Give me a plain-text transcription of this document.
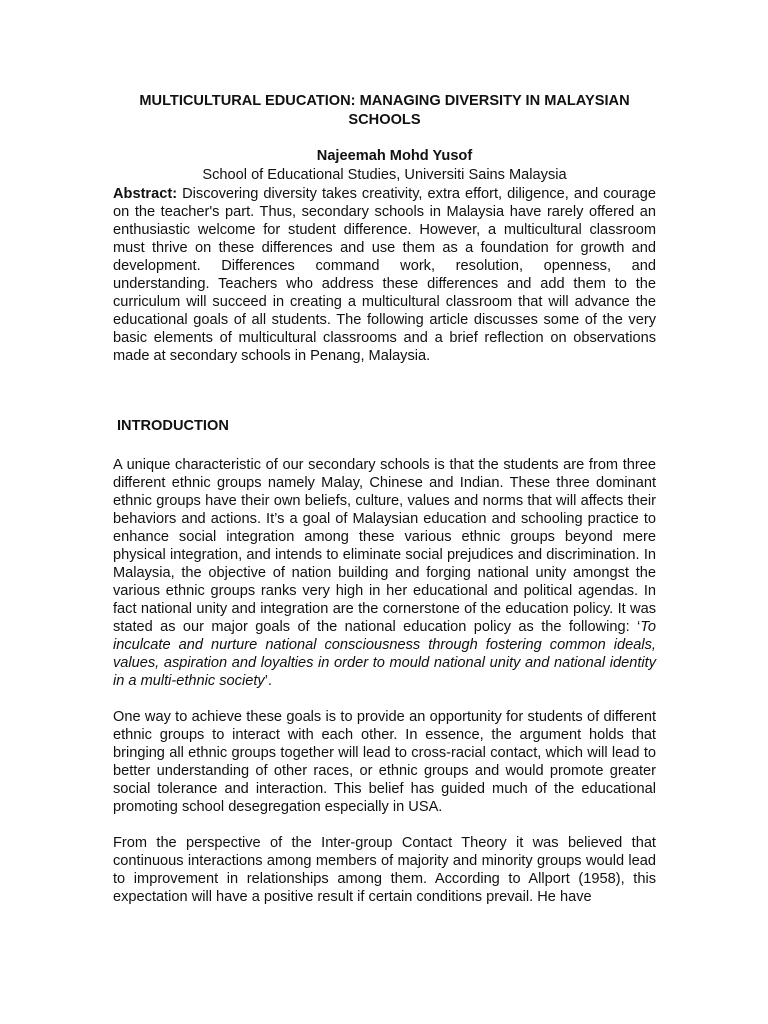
MULTICULTURAL EDUCATION: MANAGING DIVERSITY IN MALAYSIAN SCHOOLS
Najeemah Mohd Yusof
School of Educational Studies, Universiti Sains Malaysia

Abstract: Discovering diversity takes creativity, extra effort, diligence, and courage on the teacher's part. Thus, secondary schools in Malaysia have rarely offered an enthusiastic welcome for student difference. However, a multicultural classroom must thrive on these differences and use them as a foundation for growth and development. Differences command work, resolution, openness, and understanding. Teachers who address these differences and add them to the curriculum will succeed in creating a multicultural classroom that will advance the educational goals of all students. The following article discusses some of the very basic elements of multicultural classrooms and a brief reflection on observations made at secondary schools in Penang, Malaysia.

INTRODUCTION

A unique characteristic of our secondary schools is that the students are from three different ethnic groups namely Malay, Chinese and Indian. These three dominant ethnic groups have their own beliefs, culture, values and norms that will affects their behaviors and actions. It’s a goal of Malaysian education and schooling practice to enhance social integration among these various ethnic groups beyond mere physical integration, and intends to eliminate social prejudices and discrimination. In Malaysia, the objective of nation building and forging national unity amongst the various ethnic groups ranks very high in her educational and political agendas. In fact national unity and integration are the cornerstone of the education policy. It was stated as our major goals of the national education policy as the following: ‘To inculcate and nurture national consciousness through fostering common ideals, values, aspiration and loyalties in order to mould national unity and national identity in a multi-ethnic society’.

One way to achieve these goals is to provide an opportunity for students of different ethnic groups to interact with each other. In essence, the argument holds that bringing all ethnic groups together will lead to cross-racial contact, which will lead to better understanding of other races, or ethnic groups and would promote greater social tolerance and interaction. This belief has guided much of the educational promoting school desegregation especially in USA.

From the perspective of the Inter-group Contact Theory it was believed that continuous interactions among members of majority and minority groups would lead to improvement in relationships among them. According to Allport (1958), this expectation will have a positive result if certain conditions prevail. He have
